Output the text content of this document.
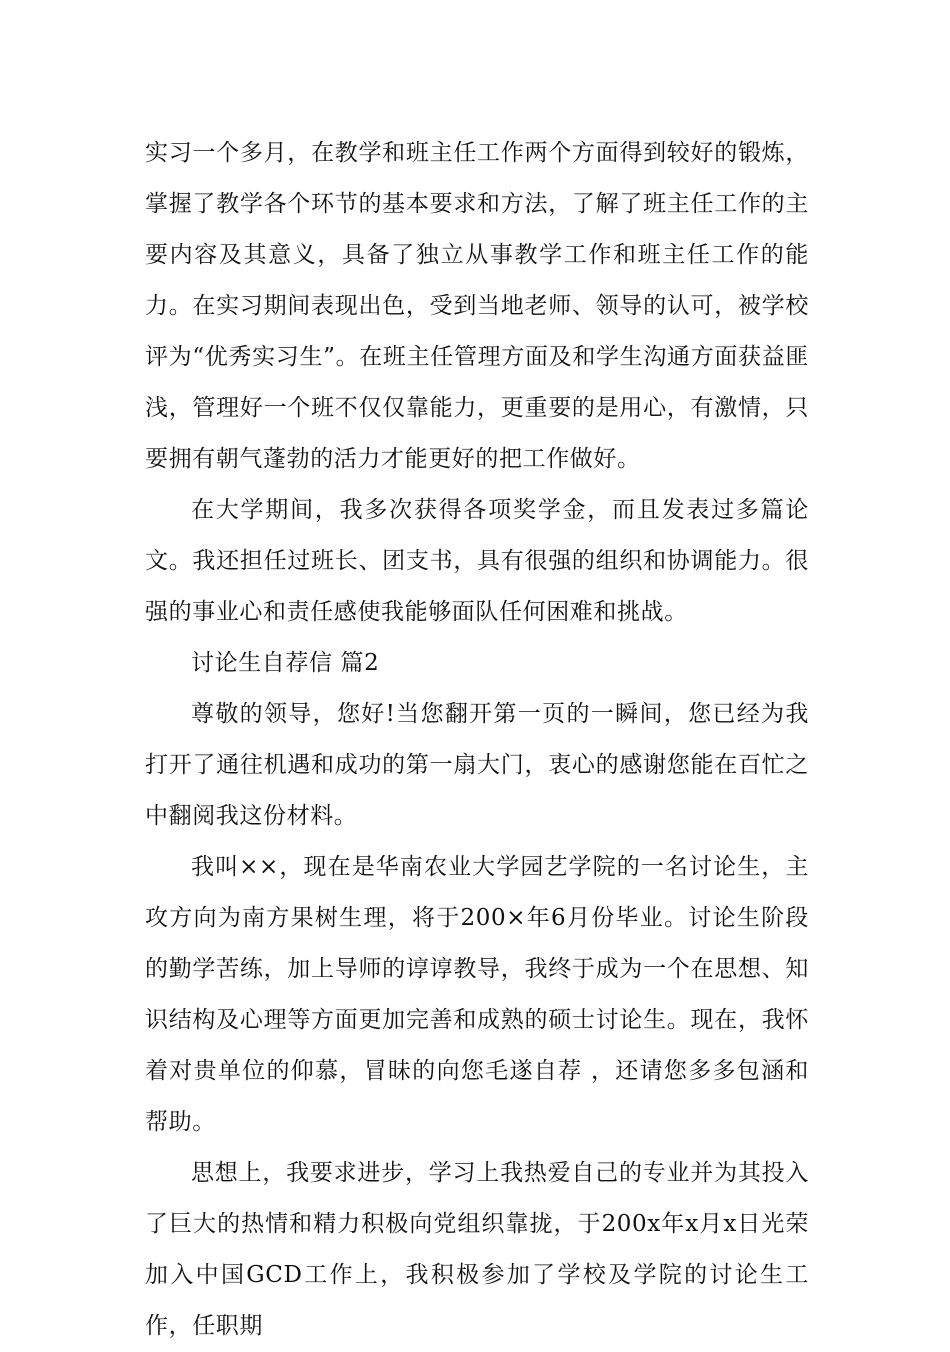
实习一个多月，在教学和班主任工作两个方面得到较好的锻炼，掌握了教学各个环节的基本要求和方法，了解了班主任工作的主要内容及其意义，具备了独立从事教学工作和班主任工作的能力。在实习期间表现出色，受到当地老师、领导的认可，被学校评为“优秀实习生”。在班主任管理方面及和学生沟通方面获益匪浅，管理好一个班不仅仅靠能力，更重要的是用心，有激情，只要拥有朝气蓬勃的活力才能更好的把工作做好。

在大学期间，我多次获得各项奖学金，而且发表过多篇论文。我还担任过班长、团支书，具有很强的组织和协调能力。很强的事业心和责任感使我能够面队任何困难和挑战。

讨论生自荐信 篇2

尊敬的领导，您好!当您翻开第一页的一瞬间，您已经为我打开了通往机遇和成功的第一扇大门，衷心的感谢您能在百忙之中翻阅我这份材料。

我叫××，现在是华南农业大学园艺学院的一名讨论生，主攻方向为南方果树生理，将于200×年6月份毕业。讨论生阶段的勤学苦练，加上导师的谆谆教导，我终于成为一个在思想、知识结构及心理等方面更加完善和成熟的硕士讨论生。现在，我怀着对贵单位的仰慕，冒昧的向您毛遂自荐 ，还请您多多包涵和帮助。

思想上，我要求进步，学习上我热爱自己的专业并为其投入了巨大的热情和精力积极向党组织靠拢，于200x年x月x日光荣加入中国GCD工作上，我积极参加了学校及学院的讨论生工作，任职期
